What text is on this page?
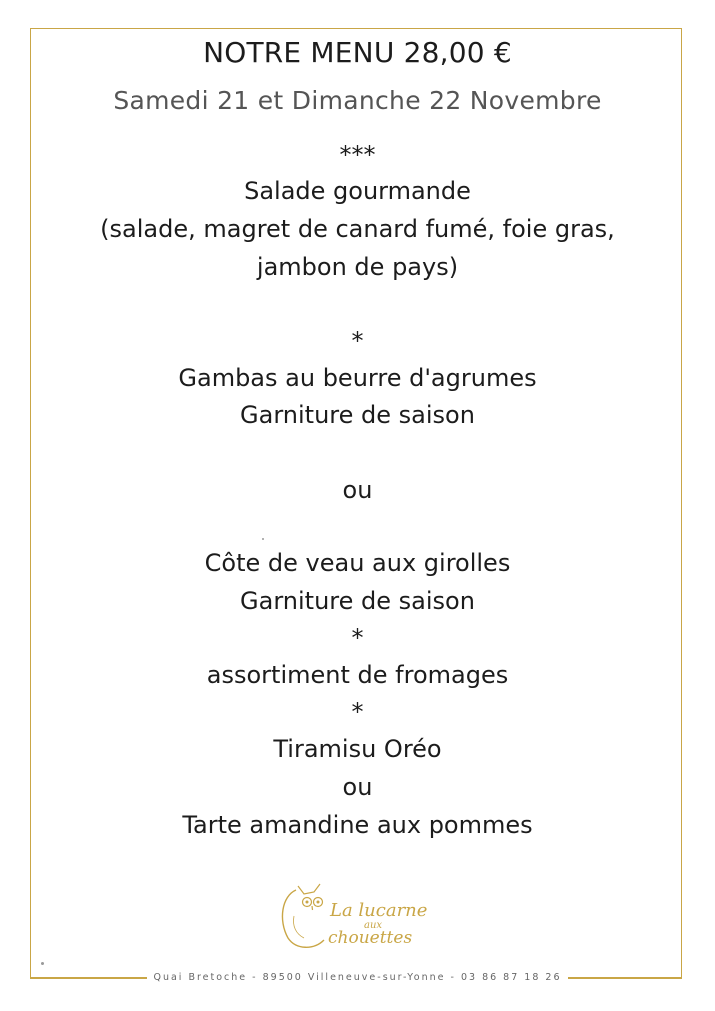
NOTRE MENU 28,00 €
Samedi 21 et Dimanche 22 Novembre
***
Salade gourmande
(salade, magret de canard fumé, foie gras,
jambon de pays)
*
Gambas au beurre d'agrumes
Garniture de saison
ou
Côte de veau aux girolles
Garniture de saison
*
assortiment de fromages
*
Tiramisu Oréo
ou
Tarte amandine aux pommes
La lucarne
aux
chouettes
Quai Bretoche - 89500 Villeneuve-sur-Yonne - 03 86 87 18 26
